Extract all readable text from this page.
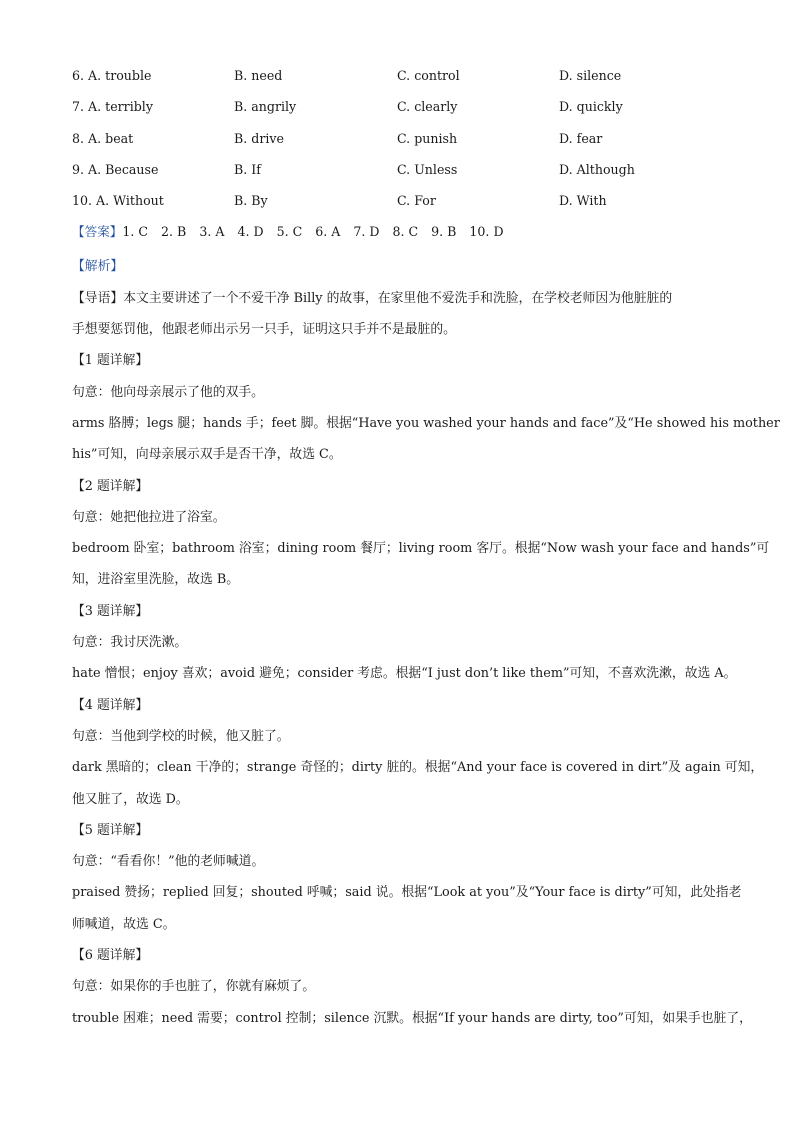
6. A. trouble	B. need	C. control	D. silence
7. A. terribly	B. angrily	C. clearly	D. quickly
8. A. beat	B. drive	C. punish	D. fear
9. A. Because	B. If	C. Unless	D. Although
10. A. Without	B. By	C. For	D. With
【答案】1. C 2. B 3. A 4. D 5. C 6. A 7. D 8. C 9. B 10. D
【解析】
【导语】本文主要讲述了一个不爱干净 Billy 的故事，在家里他不爱洗手和洗脸，在学校老师因为他脏脏的
手想要惩罚他，他跟老师出示另一只手，证明这只手并不是最脏的。
【1 题详解】
句意：他向母亲展示了他的双手。
arms 胳膊；legs 腿；hands 手；feet 脚。根据“Have you washed your hands and face”及“He showed his mother
his”可知，向母亲展示双手是否干净，故选 C。
【2 题详解】
句意：她把他拉进了浴室。
bedroom 卧室；bathroom 浴室；dining room 餐厅；living room 客厅。根据“Now wash your face and hands”可
知，进浴室里洗脸，故选 B。
【3 题详解】
句意：我讨厌洗漱。
hate 憎恨；enjoy 喜欢；avoid 避免；consider 考虑。根据“I just don’t like them”可知，不喜欢洗漱，故选 A。
【4 题详解】
句意：当他到学校的时候，他又脏了。
dark 黑暗的；clean 干净的；strange 奇怪的；dirty 脏的。根据“And your face is covered in dirt”及 again 可知，
他又脏了，故选 D。
【5 题详解】
句意：“看看你！”他的老师喊道。
praised 赞扬；replied 回复；shouted 呼喊；said 说。根据“Look at you”及“Your face is dirty”可知，此处指老
师喊道，故选 C。
【6 题详解】
句意：如果你的手也脏了，你就有麻烦了。
trouble 困难；need 需要；control 控制；silence 沉默。根据“If your hands are dirty, too”可知，如果手也脏了，
